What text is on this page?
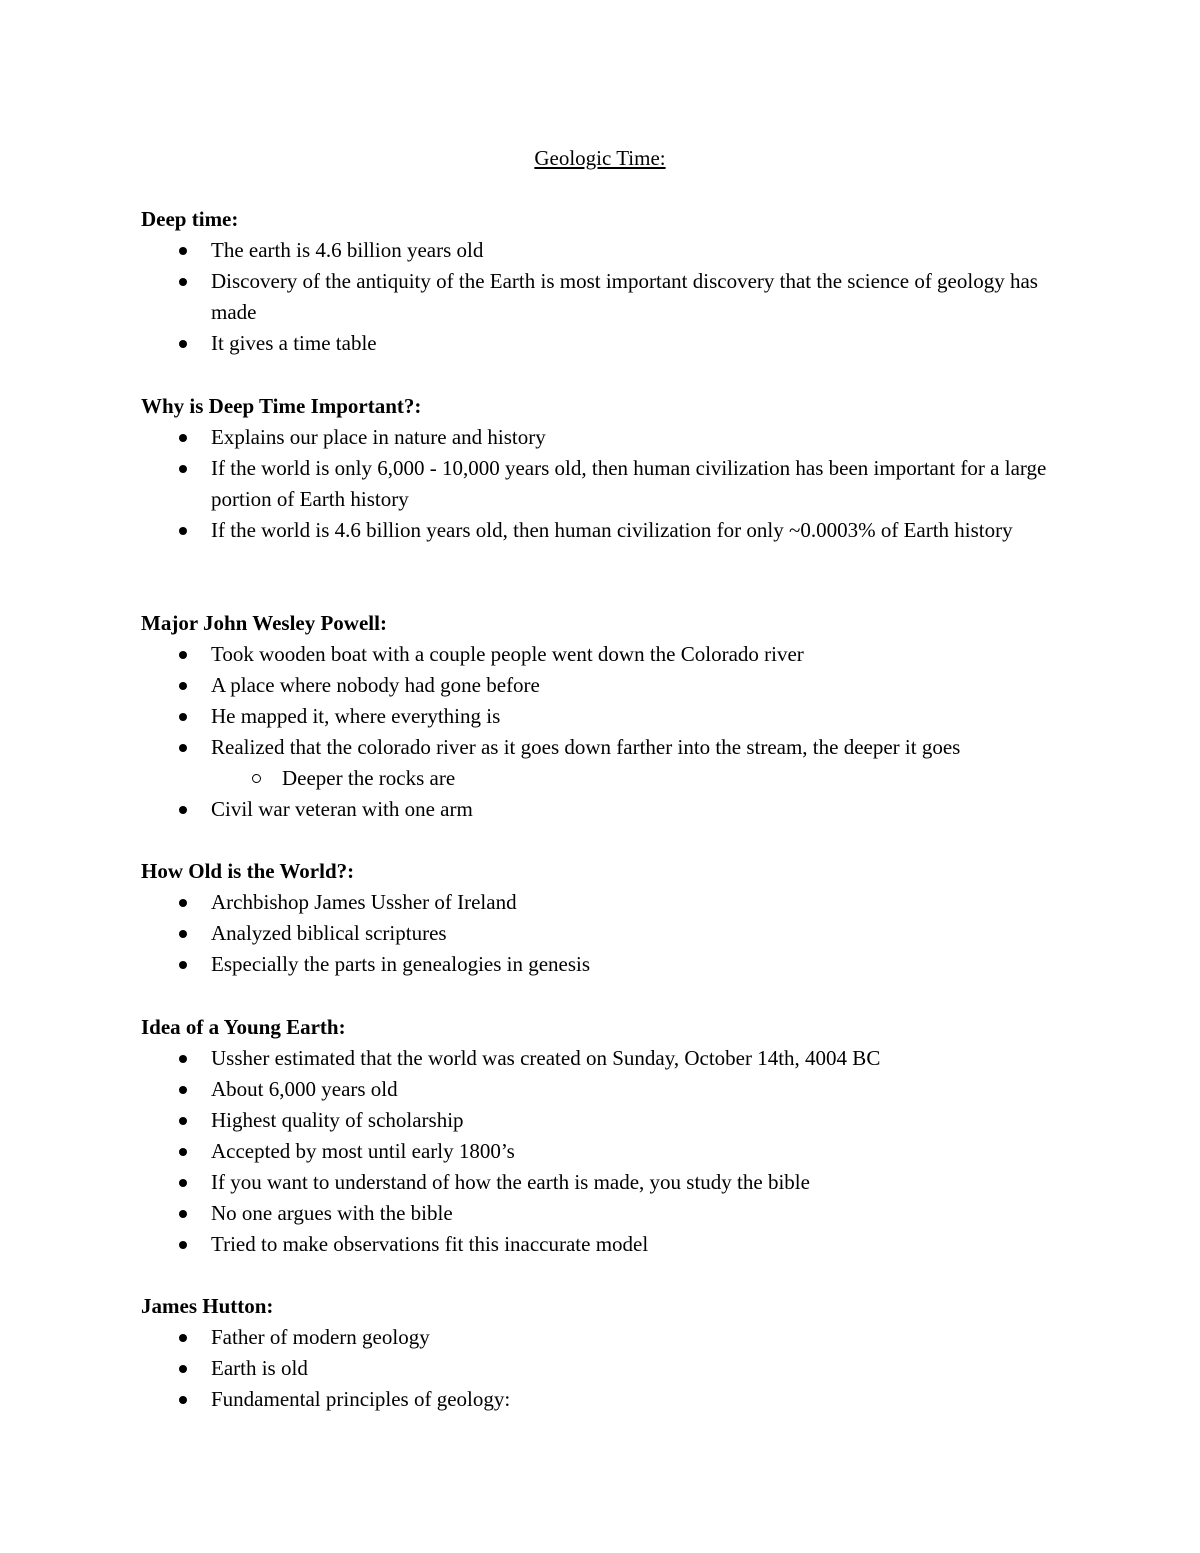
Geologic Time:
Deep time:
The earth is 4.6 billion years old
Discovery of the antiquity of the Earth is most important discovery that the science of geology has made
It gives a time table
Why is Deep Time Important?:
Explains our place in nature and history
If the world is only 6,000 - 10,000 years old, then human civilization has been important for a large portion of Earth history
If the world is 4.6 billion years old, then human civilization for only ~0.0003% of Earth history
Major John Wesley Powell:
Took wooden boat with a couple people went down the Colorado river
A place where nobody had gone before
He mapped it, where everything is
Realized that the colorado river as it goes down farther into the stream, the deeper it goes
Deeper the rocks are
Civil war veteran with one arm
How Old is the World?:
Archbishop James Ussher of Ireland
Analyzed biblical scriptures
Especially the parts in genealogies in genesis
Idea of a Young Earth:
Ussher estimated that the world was created on Sunday, October 14th, 4004 BC
About 6,000 years old
Highest quality of scholarship
Accepted by most until early 1800’s
If you want to understand of how the earth is made, you study the bible
No one argues with the bible
Tried to make observations fit this inaccurate model
James Hutton:
Father of modern geology
Earth is old
Fundamental principles of geology:
